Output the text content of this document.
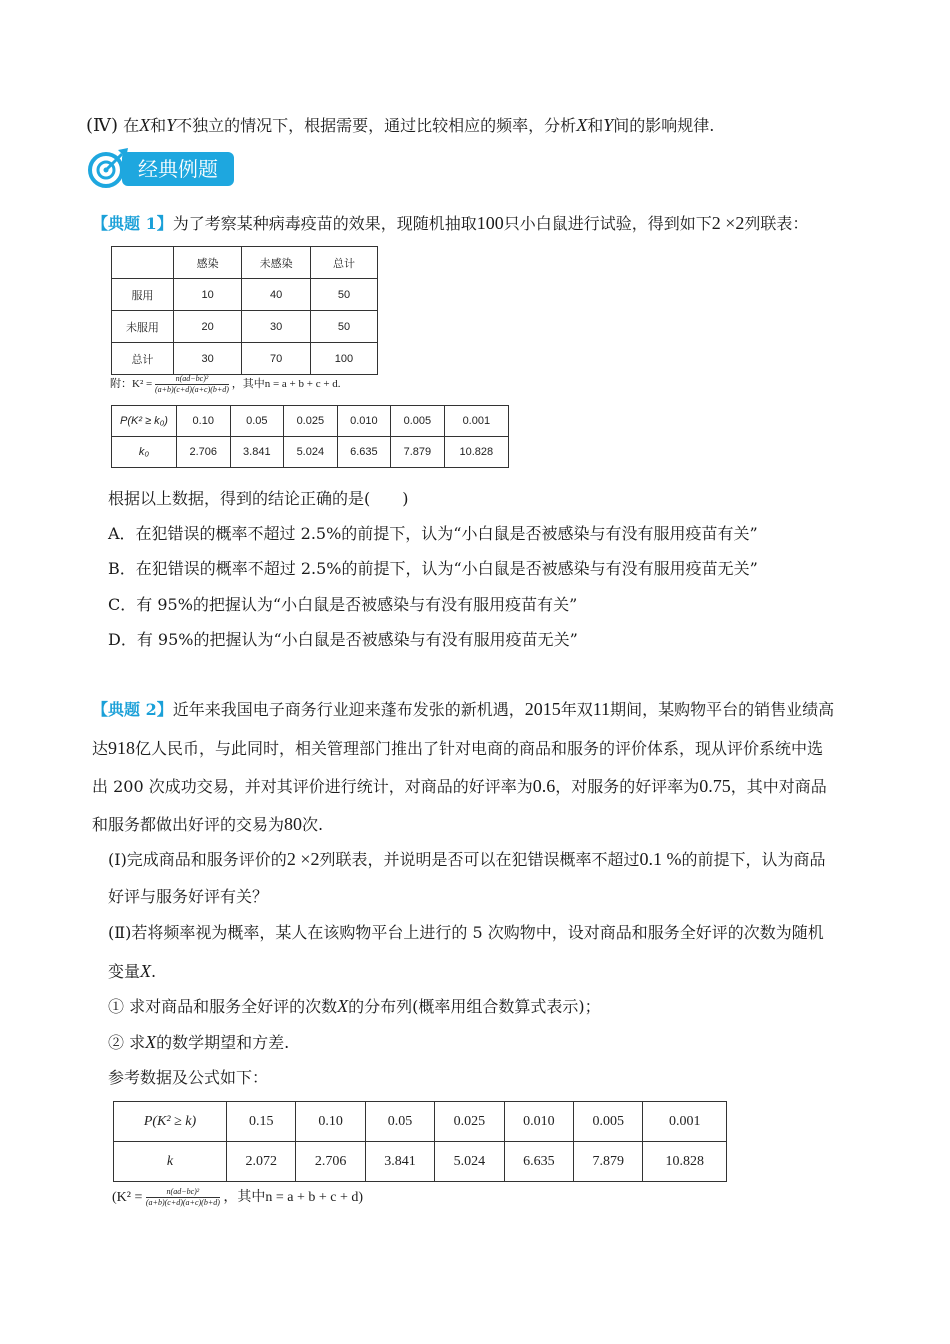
(Ⅳ) 在X和Y不独立的情况下，根据需要，通过比较相应的频率，分析X和Y间的影响规律.
经典例题
【典题 1】为了考察某种病毒疫苗的效果，现随机抽取100只小白鼠进行试验，得到如下2 ×2列联表：
	感染	未感染	总计
服用	10	40	50
未服用	20	30	50
总计	30	70	100
附：$K^2 = \frac{\text{n(ad−bc)²}}{(a+b)(c+d)(a+c)(b+d)}$ ，其中n = a + b + c + d.
P(K² ≥ k₀)	0.10	0.05	0.025	0.010	0.005	0.001
k₀	2.706	3.841	5.024	6.635	7.879	10.828
根据以上数据，得到的结论正确的是(　　)
A．在犯错误的概率不超过 2.5%的前提下，认为“小白鼠是否被感染与有没有服用疫苗有关”
B．在犯错误的概率不超过 2.5%的前提下，认为“小白鼠是否被感染与有没有服用疫苗无关”
C．有 95%的把握认为“小白鼠是否被感染与有没有服用疫苗有关”
D．有 95%的把握认为“小白鼠是否被感染与有没有服用疫苗无关”
【典题 2】近年来我国电子商务行业迎来蓬布发张的新机遇，2015年双11期间，某购物平台的销售业绩高
达918亿人民币，与此同时，相关管理部门推出了针对电商的商品和服务的评价体系，现从评价系统中选
出 200 次成功交易，并对其评价进行统计，对商品的好评率为0.6，对服务的好评率为0.75，其中对商品
和服务都做出好评的交易为80次.
(Ⅰ)完成商品和服务评价的2 ×2列联表，并说明是否可以在犯错误概率不超过0.1 %的前提下，认为商品
好评与服务好评有关？
(Ⅱ)若将频率视为概率，某人在该购物平台上进行的 5 次购物中，设对商品和服务全好评的次数为随机
变量X.
① 求对商品和服务全好评的次数X的分布列(概率用组合数算式表示)；
② 求X的数学期望和方差.
参考数据及公式如下：
P(K² ≥ k)	0.15	0.10	0.05	0.025	0.010	0.005	0.001
k	2.072	2.706	3.841	5.024	6.635	7.879	10.828
($K^2 = \frac{\text{n(ad−bc)²}}{(a+b)(c+d)(a+c)(b+d)}$ ，其中n = a + b + c + d)
